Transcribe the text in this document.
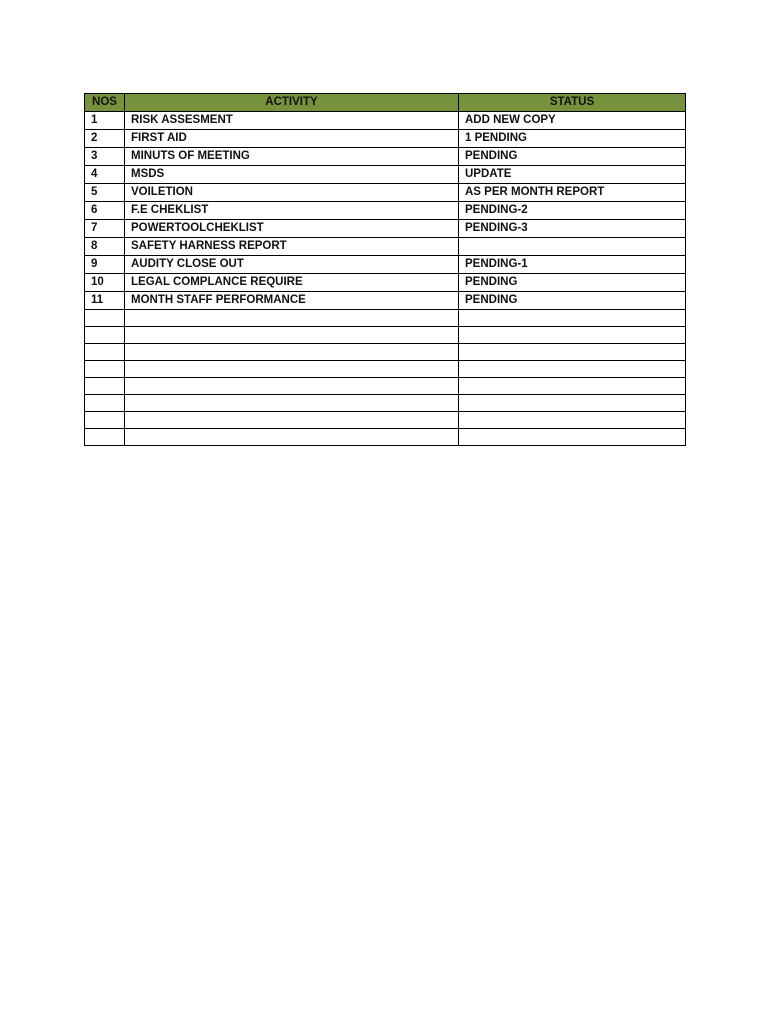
NOS	ACTIVITY	STATUS
1	RISK ASSESMENT	ADD NEW COPY
2	FIRST AID	1 PENDING
3	MINUTS OF MEETING	PENDING
4	MSDS	UPDATE
5	VOILETION	AS PER MONTH REPORT
6	F.E CHEKLIST	PENDING-2
7	POWERTOOLCHEKLIST	PENDING-3
8	SAFETY HARNESS REPORT	
9	AUDITY CLOSE OUT	PENDING-1
10	LEGAL COMPLANCE REQUIRE	PENDING
11	MONTH STAFF PERFORMANCE	PENDING
